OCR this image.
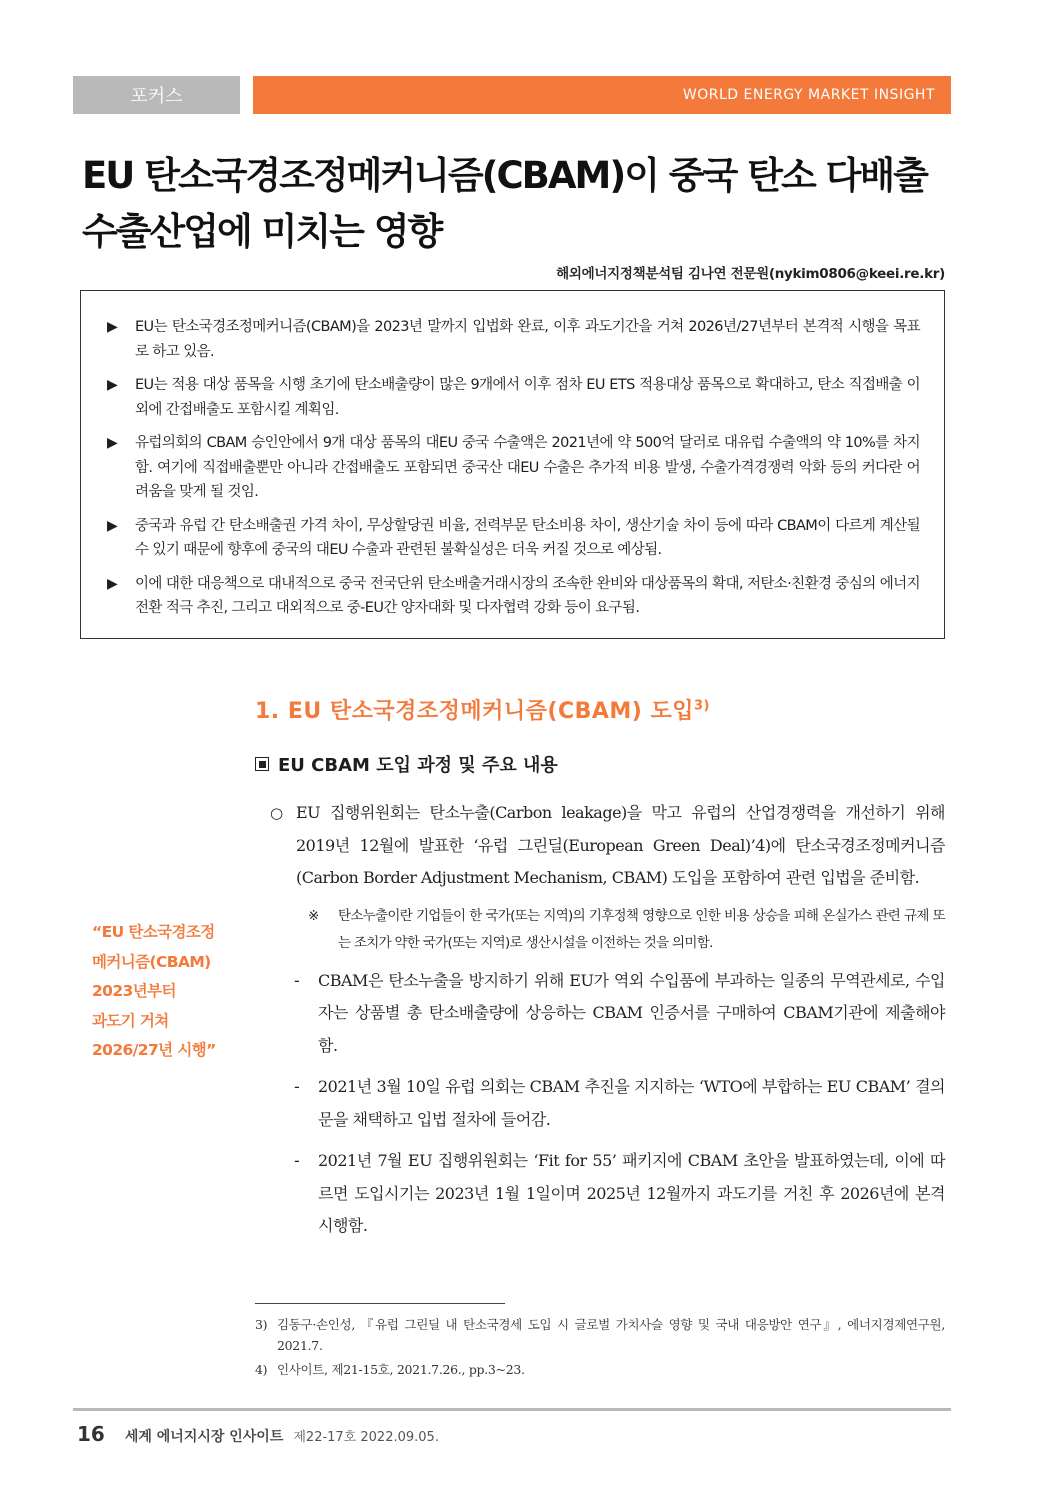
포커스	WORLD ENERGY MARKET INSIGHT
EU 탄소국경조정메커니즘(CBAM)이 중국 탄소 다배출
수출산업에 미치는 영향
해외에너지정책분석팀 김나연 전문원(nykim0806@keei.re.kr)
▶	EU는 탄소국경조정메커니즘(CBAM)을 2023년 말까지 입법화 완료, 이후 과도기간을 거쳐 2026년/27년부터 본격적 시행을 목표로 하고 있음.
▶	EU는 적용 대상 품목을 시행 초기에 탄소배출량이 많은 9개에서 이후 점차 EU ETS 적용대상 품목으로 확대하고, 탄소 직접배출 이외에 간접배출도 포함시킬 계획임.
▶	유럽의회의 CBAM 승인안에서 9개 대상 품목의 대EU 중국 수출액은 2021년에 약 500억 달러로 대유럽 수출액의 약 10%를 차지함. 여기에 직접배출뿐만 아니라 간접배출도 포함되면 중국산 대EU 수출은 추가적 비용 발생, 수출가격경쟁력 악화 등의 커다란 어려움을 맞게 될 것임.
▶	중국과 유럽 간 탄소배출권 가격 차이, 무상할당권 비율, 전력부문 탄소비용 차이, 생산기술 차이 등에 따라 CBAM이 다르게 계산될 수 있기 때문에 향후에 중국의 대EU 수출과 관련된 불확실성은 더욱 커질 것으로 예상됨.
▶	이에 대한 대응책으로 대내적으로 중국 전국단위 탄소배출거래시장의 조속한 완비와 대상품목의 확대, 저탄소·친환경 중심의 에너지전환 적극 추진, 그리고 대외적으로 중-EU간 양자대화 및 다자협력 강화 등이 요구됨.
1. EU 탄소국경조정메커니즘(CBAM) 도입$^{3)}$
EU CBAM 도입 과정 및 주요 내용
“EU 탄소국경조정
메커니즘(CBAM)
2023년부터
과도기 거쳐
2026/27년 시행”
○ EU 집행위원회는 탄소누출(Carbon leakage)을 막고 유럽의 산업경쟁력을 개선하기 위해 2019년 12월에 발표한 ‘유럽 그린딜(European Green Deal)’4)에 탄소국경조정메커니즘(Carbon Border Adjustment Mechanism, CBAM) 도입을 포함하여 관련 입법을 준비함.
※	탄소누출이란 기업들이 한 국가(또는 지역)의 기후정책 영향으로 인한 비용 상승을 피해 온실가스 관련 규제 또는 조치가 약한 국가(또는 지역)로 생산시설을 이전하는 것을 의미함.
-	CBAM은 탄소누출을 방지하기 위해 EU가 역외 수입품에 부과하는 일종의 무역관세로, 수입자는 상품별 총 탄소배출량에 상응하는 CBAM 인증서를 구매하여 CBAM기관에 제출해야 함.
-	2021년 3월 10일 유럽 의회는 CBAM 추진을 지지하는 ‘WTO에 부합하는 EU CBAM’ 결의문을 채택하고 입법 절차에 들어감.
-	2021년 7월 EU 집행위원회는 ‘Fit for 55’ 패키지에 CBAM 초안을 발표하였는데, 이에 따르면 도입시기는 2023년 1월 1일이며 2025년 12월까지 과도기를 거친 후 2026년에 본격 시행함.
3) 김동구·손인성, 『유럽 그린딜 내 탄소국경세 도입 시 글로벌 가치사슬 영향 및 국내 대응방안 연구』, 에너지경제연구원, 2021.7.
4) 인사이트, 제21-15호, 2021.7.26., pp.3~23.
16 세계 에너지시장 인사이트 제22-17호 2022.09.05.
